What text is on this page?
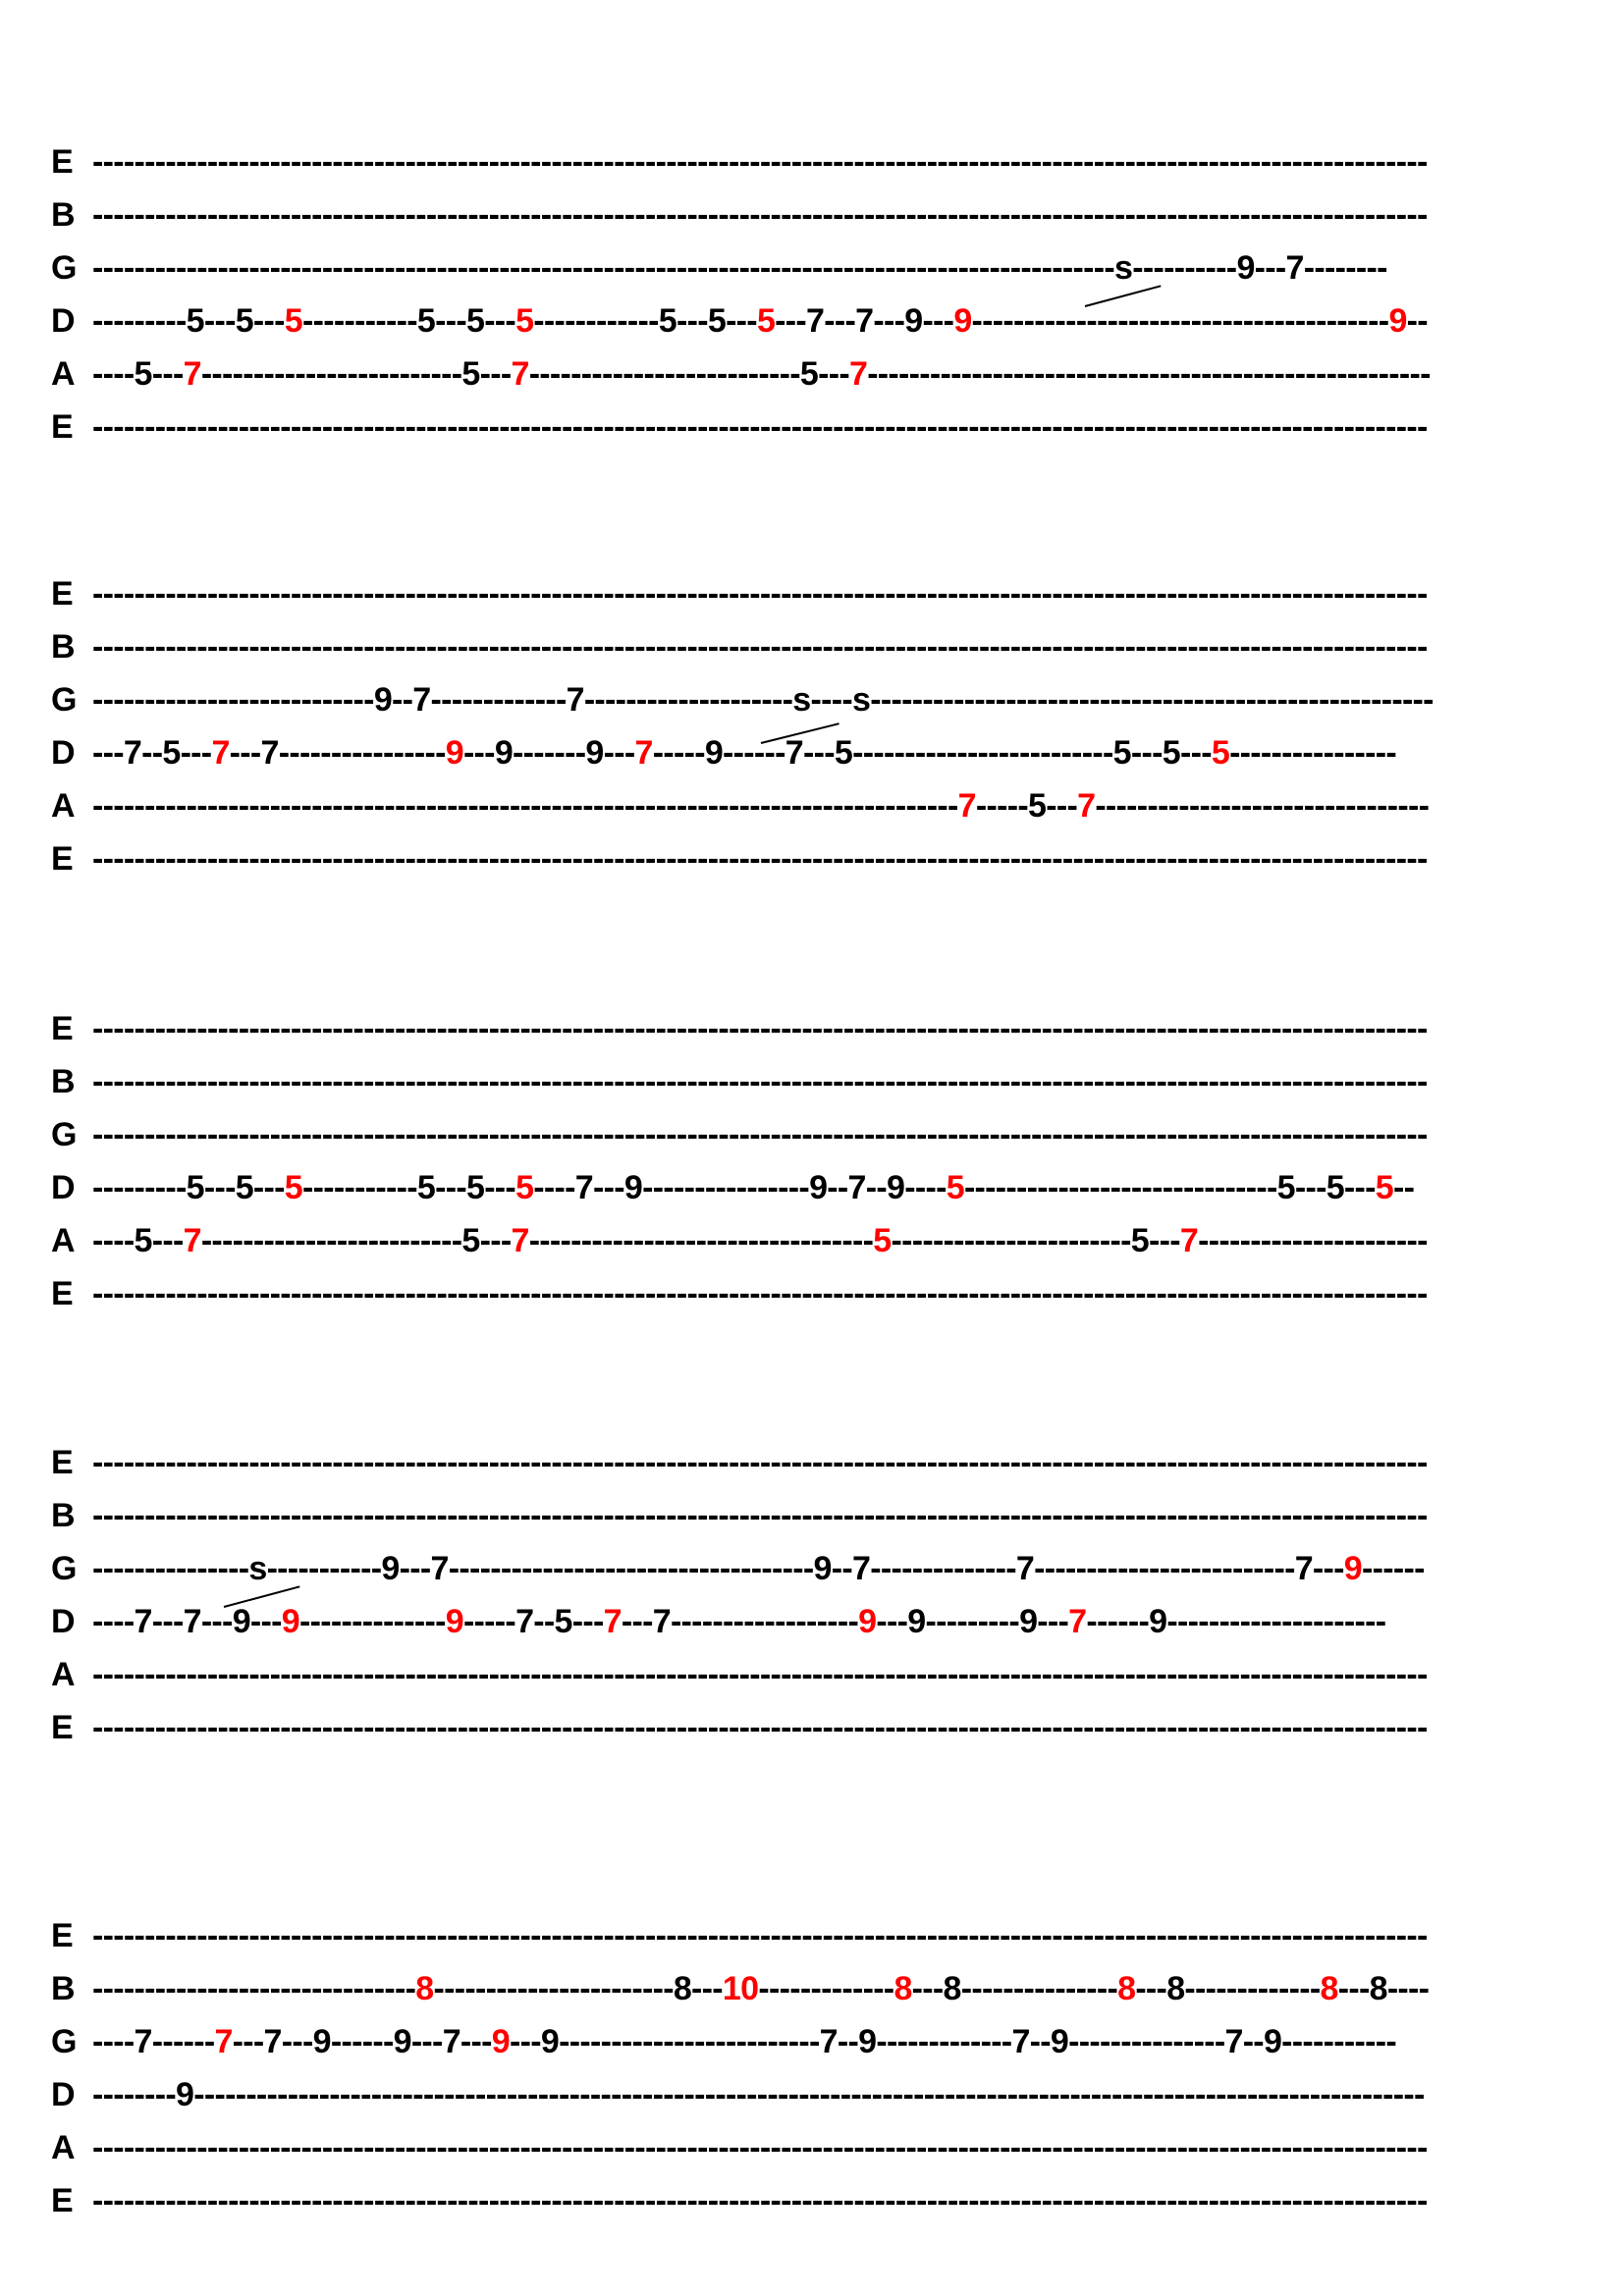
E --------------------------------------------------------------------------------------------------------------------------------
B --------------------------------------------------------------------------------------------------------------------------------
G --------------------------------------------------------------------------------------------------s----------9---7--------
D ---------5---5---5-----------5---5---5------------5---5---5---7---7---9---9----------------------------------------9--
A ----5---7-------------------------5---7--------------------------5---7------------------------------------------------------
E --------------------------------------------------------------------------------------------------------------------------------
E --------------------------------------------------------------------------------------------------------------------------------
B --------------------------------------------------------------------------------------------------------------------------------
G ---------------------------9--7-------------7--------------------s----s------------------------------------------------------
D ---7--5---7---7----------------9---9-------9---7-----9------7---5-------------------------5---5---5----------------
A -----------------------------------------------------------------------------------7-----5---7--------------------------------
E --------------------------------------------------------------------------------------------------------------------------------
E --------------------------------------------------------------------------------------------------------------------------------
B --------------------------------------------------------------------------------------------------------------------------------
G --------------------------------------------------------------------------------------------------------------------------------
D ---------5---5---5-----------5---5---5----7---9----------------9--7--9----5------------------------------5---5---5--
A ----5---7-------------------------5---7---------------------------------5-----------------------5---7----------------------
E --------------------------------------------------------------------------------------------------------------------------------
E --------------------------------------------------------------------------------------------------------------------------------
B --------------------------------------------------------------------------------------------------------------------------------
G ---------------s-----------9---7-----------------------------------9--7--------------7-------------------------7---9------
D ----7---7---9---9--------------9-----7--5---7---7------------------9---9---------9---7------9---------------------
A --------------------------------------------------------------------------------------------------------------------------------
E --------------------------------------------------------------------------------------------------------------------------------
E --------------------------------------------------------------------------------------------------------------------------------
B -------------------------------8-----------------------8---10-------------8---8---------------8---8-------------8---8----
G ----7------7---7---9------9---7---9---9-------------------------7--9-------------7--9---------------7--9-----------
D --------9----------------------------------------------------------------------------------------------------------------------
A --------------------------------------------------------------------------------------------------------------------------------
E --------------------------------------------------------------------------------------------------------------------------------
